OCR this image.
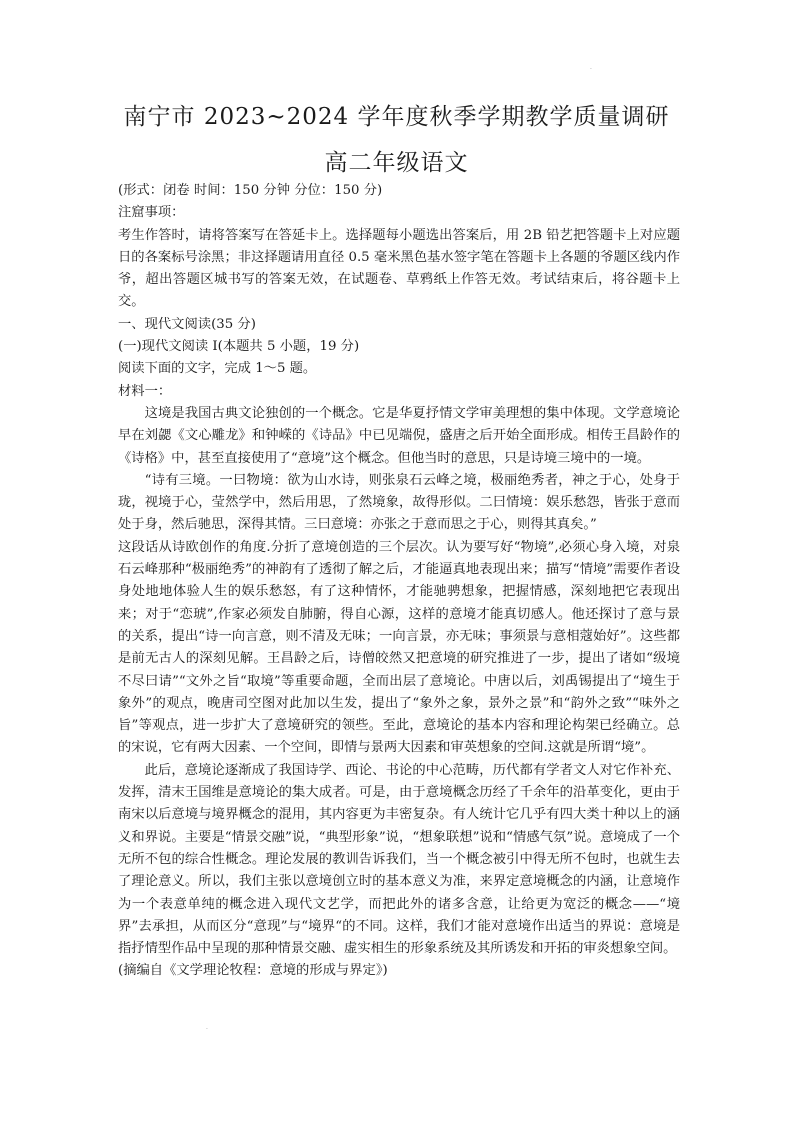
·
南宁市 2023~2024 学年度秋季学期教学质量调研
高二年级语文

(形式：闭卷 时间：150 分钟 分位：150 分)

注窟事项：

考生作答时，请将答案写在答延卡上。选择题每小题选出答案后，用 2B 铅艺把答题卡上对应题日的各案标号涂黑；非这择题请用直径 0.5 毫米黑色基水签字笔在答题卡上各题的爷题区线内作爷，超出答题区城书写的答案无效，在试题卷、草鸦纸上作答无效。考试结束后，将谷题卡上交。

一、现代文阅读(35 分)

(一)现代文阅读 I(本题共 5 小题，19 分)

阅读下面的文字，完成 1～5 题。

材料一：

这境是我国古典文论独创的一个概念。它是华夏抒情文学审美理想的集中体现。文学意境论早在刘勰《文心雕龙》和钟嵘的《诗品》中已见端倪，盛唐之后开始全面形成。相传王昌龄作的《诗格》中，甚至直接使用了“意境”这个概念。但他当时的意思，只是诗境三境中的一境。

“诗有三境。一曰物境：欲为山水诗，则张泉石云峰之境，极丽绝秀者，神之于心，处身于珑，视境于心，莹然学中，然后用思，了然境象，故得形似。二曰情境：娱乐愁怨，皆张于意而处于身，然后驰思，深得其情。三曰意境：亦张之于意而思之于心，则得其真矣。”

这段话从诗欧创作的角度.分折了意境创造的三个层次。认为要写好“物境”,必须心身入境，对泉石云峰那种“极丽绝秀”的神韵有了透彻了解之后，才能逼真地表现出来；描写“情境”需要作者设身处地地体验人生的娱乐愁怒，有了这种情怀，才能驰骋想象，把握情感，深刻地把它表现出来；对于“恋琥”,作家必须发自肺腑，得自心源，这样的意境才能真切感人。他还探讨了意与景的关系，提出“诗一向言意，则不清及无味；一向言景，亦无味；事须景与意相蔻始好”。这些都是前无古人的深刻见解。王昌龄之后，诗僧皎然又把意境的研究推进了一步，提出了诸如“级境不尽曰请”“文外之旨“取境”等重要命题，全而出层了意境论。中唐以后，刘禹锡提出了“境生于象外”的观点，晚唐司空图对此加以生发，提出了“象外之象，景外之景”和“韵外之致”“味外之旨”等观点，进一步扩大了意境研究的领些。至此，意境论的基本内容和理论构架已经确立。总的宋说，它有两大因素、一个空间，即情与景两大因素和审英想象的空间.这就是所谓“境”。

此后，意境论逐渐成了我国诗学、西论、书论的中心范畴，历代都有学者文人对它作补充、发挥，清末王国维是意境论的集大成者。可是，由于意境概念历经了千余年的沿革变化，更由于南宋以后意境与境界概念的混用，其内容更为丰密复杂。有人统计它几乎有四大类十种以上的涵义和界说。主要是“情景交融”说，“典型形象”说，“想象联想”说和“情感气氛”说。意境成了一个无所不包的综合性概念。理论发展的教训告诉我们，当一个概念被引中得无所不包时，也就生去了理论意义。所以，我们主张以意境创立时的基本意义为准，来界定意境概念的内涵，让意境作为一个表意单纯的概念进入现代文艺学，而把此外的诸多含意，让给更为宽泛的概念——“境界”去承担，从而区分“意现”与“境界“的不同。这样，我们才能对意境作出适当的界说：意境是指抒情型作品中呈现的那种情景交融、虚实相生的形象系统及其所诱发和开拓的审炎想象空间。

(摘编自《文学理论牧程：意境的形成与界定》)

·
